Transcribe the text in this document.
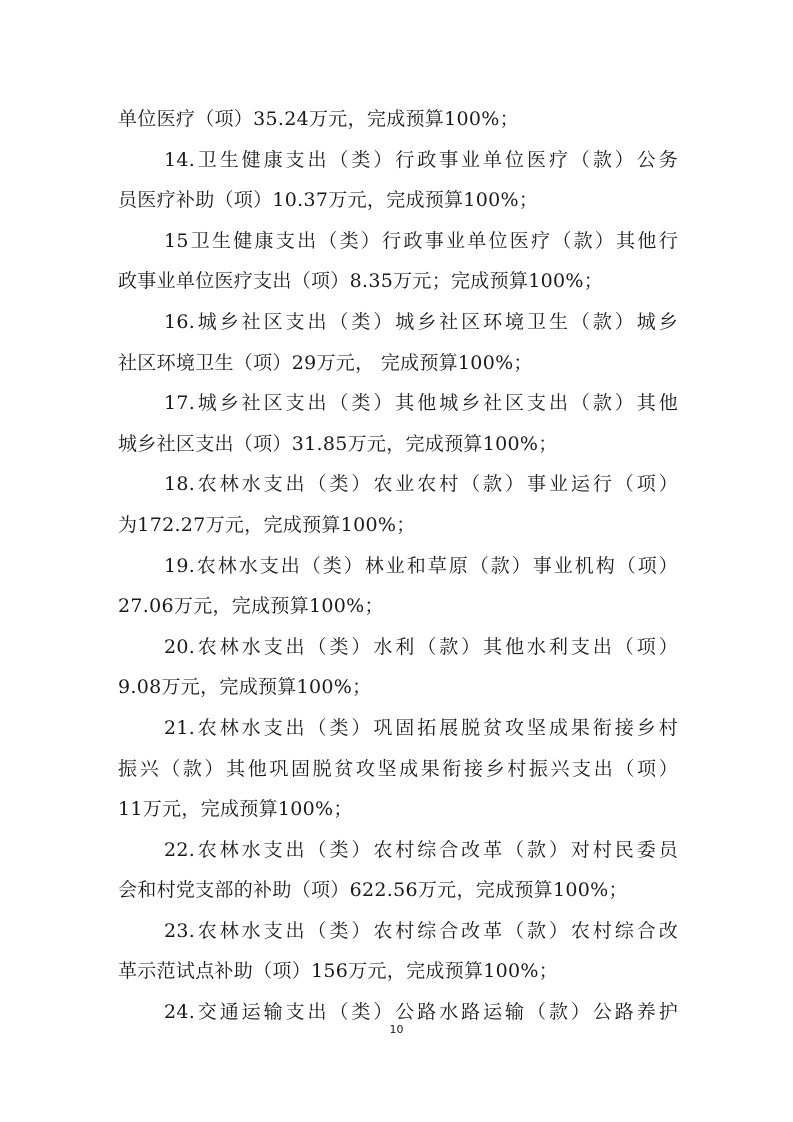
单位医疗（项）35.24万元，完成预算100%；
14.卫生健康支出（类）行政事业单位医疗（款）公务
员医疗补助（项）10.37万元，完成预算100%；
15卫生健康支出（类）行政事业单位医疗（款）其他行
政事业单位医疗支出（项）8.35万元；完成预算100%；
16.城乡社区支出（类）城乡社区环境卫生（款）城乡
社区环境卫生（项）29万元， 完成预算100%；
17.城乡社区支出（类）其他城乡社区支出（款）其他
城乡社区支出（项）31.85万元，完成预算100%；
18.农林水支出（类）农业农村（款）事业运行（项）
为172.27万元，完成预算100%；
19.农林水支出（类）林业和草原（款）事业机构（项）
27.06万元，完成预算100%；
20.农林水支出（类）水利（款）其他水利支出（项）
9.08万元，完成预算100%；
21.农林水支出（类）巩固拓展脱贫攻坚成果衔接乡村
振兴（款）其他巩固脱贫攻坚成果衔接乡村振兴支出（项）
11万元，完成预算100%；
22.农林水支出（类）农村综合改革（款）对村民委员
会和村党支部的补助（项）622.56万元，完成预算100%；
23.农林水支出（类）农村综合改革（款）农村综合改
革示范试点补助（项）156万元，完成预算100%；
24.交通运输支出（类）公路水路运输（款）公路养护
10
